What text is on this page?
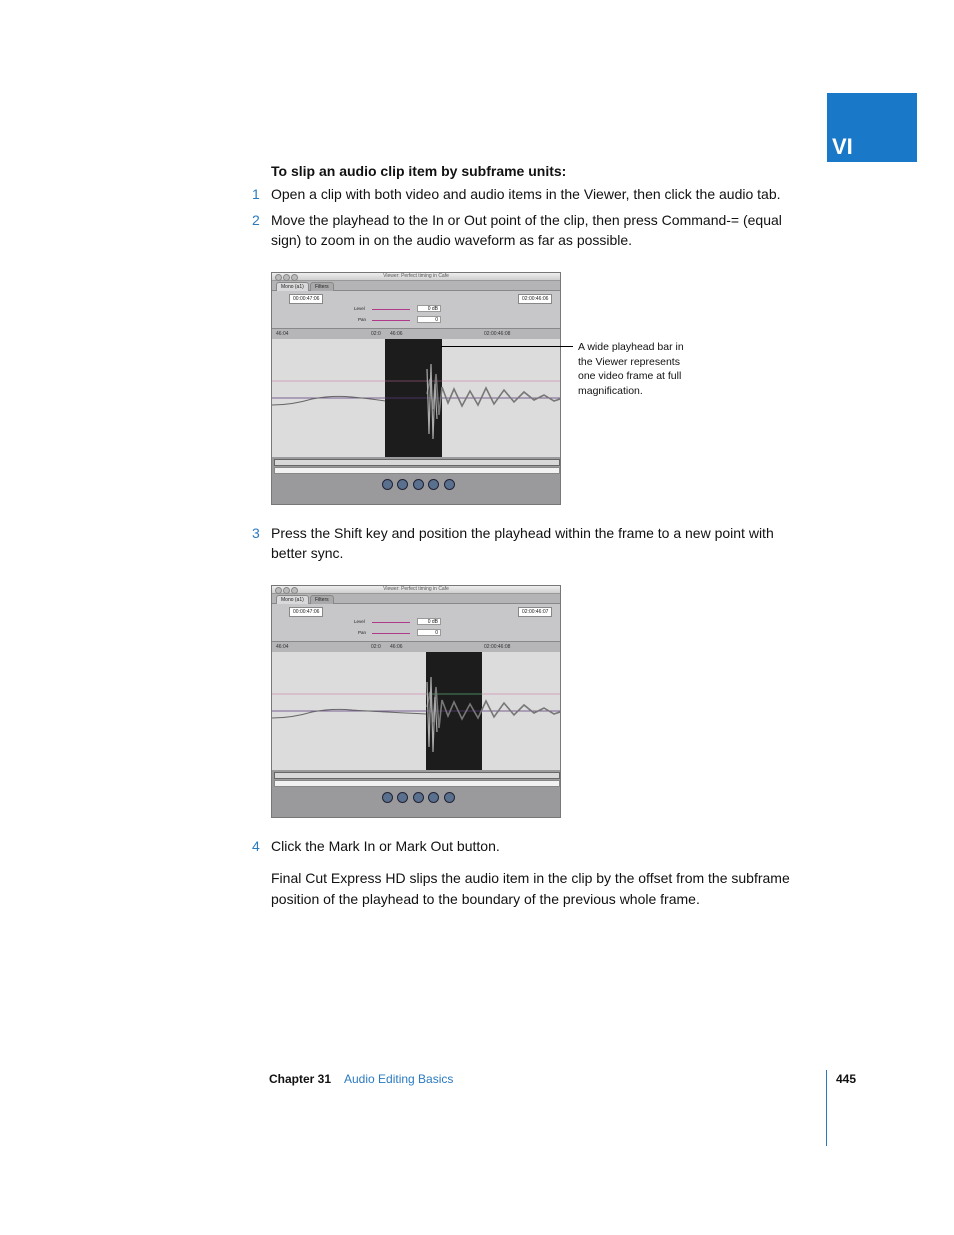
VI
To slip an audio clip item by subframe units:
1 Open a clip with both video and audio items in the Viewer, then click the audio tab.
2 Move the playhead to the In or Out point of the clip, then press Command-= (equal sign) to zoom in on the audio waveform as far as possible.
Viewer: Perfect timing in Cafe
Mono (a1)	Filters
00:00:47:06	02:00:46:06
Level	0 dB
Pan	0
46:04	02:0 46:06	02:00:46:08

A wide playhead bar in the Viewer represents one video frame at full magnification.
3 Press the Shift key and position the playhead within the frame to a new point with better sync.
Viewer: Perfect timing in Cafe
Mono (a1)	Filters
00:00:47:06	02:00:46:07
Level	0 dB
Pan	0
46:04	02:0 46:06	02:00:46:08

4 Click the Mark In or Mark Out button.
Final Cut Express HD slips the audio item in the clip by the offset from the subframe position of the playhead to the boundary of the previous whole frame.
Chapter 31 Audio Editing Basics	445
